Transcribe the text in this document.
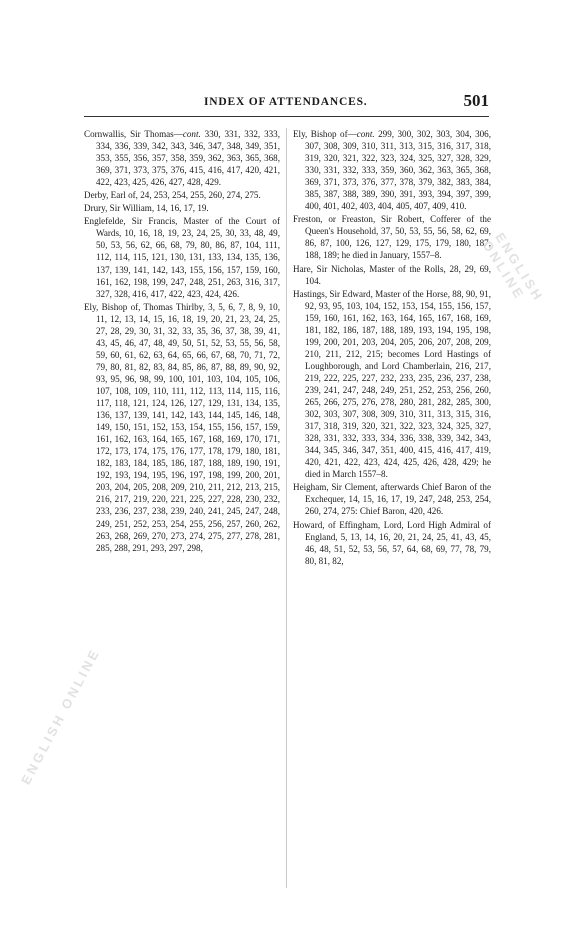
INDEX OF ATTENDANCES.	501

Cornwallis, Sir Thomas—cont. 330, 331, 332, 333, 334, 336, 339, 342, 343, 346, 347, 348, 349, 351, 353, 355, 356, 357, 358, 359, 362, 363, 365, 368, 369, 371, 373, 375, 376, 415, 416, 417, 420, 421, 422, 423, 425, 426, 427, 428, 429.

Derby, Earl of, 24, 253, 254, 255, 260, 274, 275.

Drury, Sir William, 14, 16, 17, 19.

Englefelde, Sir Francis, Master of the Court of Wards, 10, 16, 18, 19, 23, 24, 25, 30, 33, 48, 49, 50, 53, 56, 62, 66, 68, 79, 80, 86, 87, 104, 111, 112, 114, 115, 121, 130, 131, 133, 134, 135, 136, 137, 139, 141, 142, 143, 155, 156, 157, 159, 160, 161, 162, 198, 199, 247, 248, 251, 263, 316, 317, 327, 328, 416, 417, 422, 423, 424, 426.

Ely, Bishop of, Thomas Thirlby, 3, 5, 6, 7, 8, 9, 10, 11, 12, 13, 14, 15, 16, 18, 19, 20, 21, 23, 24, 25, 27, 28, 29, 30, 31, 32, 33, 35, 36, 37, 38, 39, 41, 43, 45, 46, 47, 48, 49, 50, 51, 52, 53, 55, 56, 58, 59, 60, 61, 62, 63, 64, 65, 66, 67, 68, 70, 71, 72, 79, 80, 81, 82, 83, 84, 85, 86, 87, 88, 89, 90, 92, 93, 95, 96, 98, 99, 100, 101, 103, 104, 105, 106, 107, 108, 109, 110, 111, 112, 113, 114, 115, 116, 117, 118, 121, 124, 126, 127, 129, 131, 134, 135, 136, 137, 139, 141, 142, 143, 144, 145, 146, 148, 149, 150, 151, 152, 153, 154, 155, 156, 157, 159, 161, 162, 163, 164, 165, 167, 168, 169, 170, 171, 172, 173, 174, 175, 176, 177, 178, 179, 180, 181, 182, 183, 184, 185, 186, 187, 188, 189, 190, 191, 192, 193, 194, 195, 196, 197, 198, 199, 200, 201, 203, 204, 205, 208, 209, 210, 211, 212, 213, 215, 216, 217, 219, 220, 221, 225, 227, 228, 230, 232, 233, 236, 237, 238, 239, 240, 241, 245, 247, 248, 249, 251, 252, 253, 254, 255, 256, 257, 260, 262, 263, 268, 269, 270, 273, 274, 275, 277, 278, 281, 285, 288, 291, 293, 297, 298,

Ely, Bishop of—cont. 299, 300, 302, 303, 304, 306, 307, 308, 309, 310, 311, 313, 315, 316, 317, 318, 319, 320, 321, 322, 323, 324, 325, 327, 328, 329, 330, 331, 332, 333, 359, 360, 362, 363, 365, 368, 369, 371, 373, 376, 377, 378, 379, 382, 383, 384, 385, 387, 388, 389, 390, 391, 393, 394, 397, 399, 400, 401, 402, 403, 404, 405, 407, 409, 410.

Freston, or Freaston, Sir Robert, Cofferer of the Queen's Household, 37, 50, 53, 55, 56, 58, 62, 69, 86, 87, 100, 126, 127, 129, 175, 179, 180, 187, 188, 189; he died in January, 1557–8.

Hare, Sir Nicholas, Master of the Rolls, 28, 29, 69, 104.

Hastings, Sir Edward, Master of the Horse, 88, 90, 91, 92, 93, 95, 103, 104, 152, 153, 154, 155, 156, 157, 159, 160, 161, 162, 163, 164, 165, 167, 168, 169, 181, 182, 186, 187, 188, 189, 193, 194, 195, 198, 199, 200, 201, 203, 204, 205, 206, 207, 208, 209, 210, 211, 212, 215; becomes Lord Hastings of Loughborough, and Lord Chamberlain, 216, 217, 219, 222, 225, 227, 232, 233, 235, 236, 237, 238, 239, 241, 247, 248, 249, 251, 252, 253, 256, 260, 265, 266, 275, 276, 278, 280, 281, 282, 285, 300, 302, 303, 307, 308, 309, 310, 311, 313, 315, 316, 317, 318, 319, 320, 321, 322, 323, 324, 325, 327, 328, 331, 332, 333, 334, 336, 338, 339, 342, 343, 344, 345, 346, 347, 351, 400, 415, 416, 417, 419, 420, 421, 422, 423, 424, 425, 426, 428, 429; he died in March 1557–8.

Heigham, Sir Clement, afterwards Chief Baron of the Exchequer, 14, 15, 16, 17, 19, 247, 248, 253, 254, 260, 274, 275: Chief Baron, 420, 426.

Howard, of Effingham, Lord, Lord High Admiral of England, 5, 13, 14, 16, 20, 21, 24, 25, 41, 43, 45, 46, 48, 51, 52, 53, 56, 57, 64, 68, 69, 77, 78, 79, 80, 81, 82,

ENGLISH ONLINE
ENGLISH ONLINE
